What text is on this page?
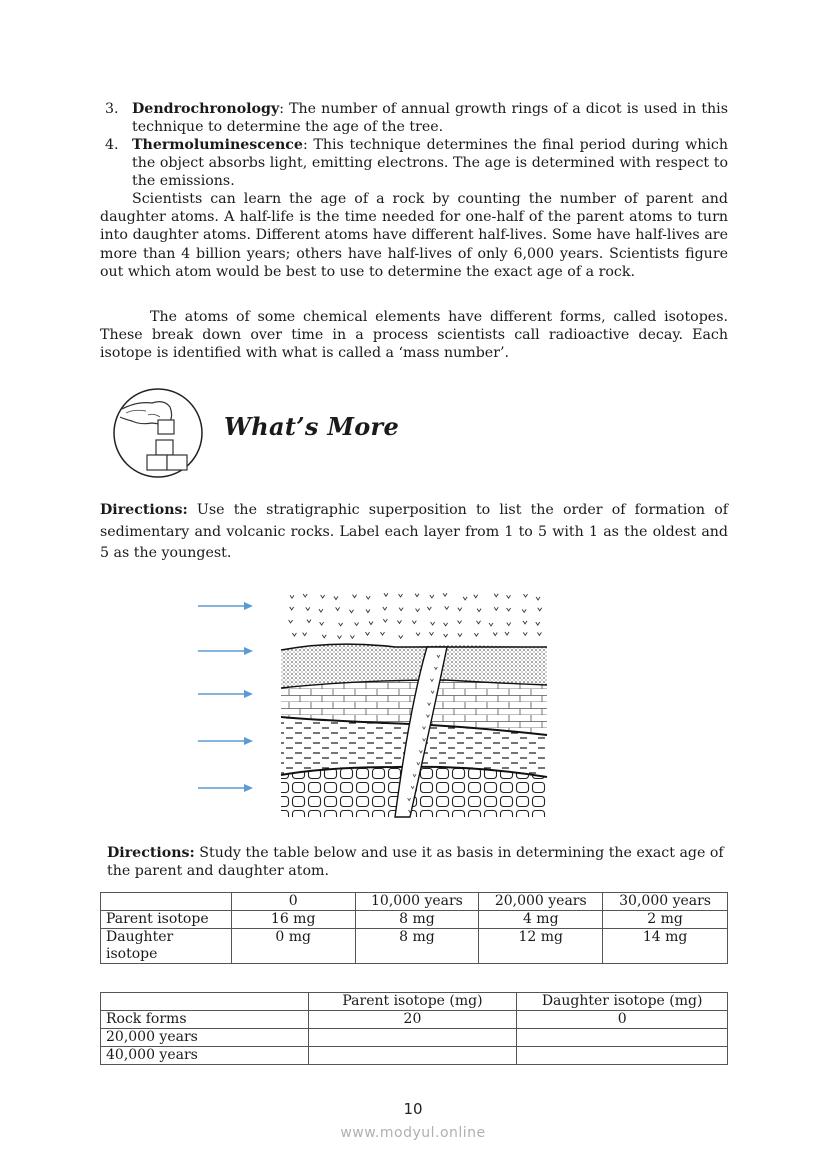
3. Dendrochronology: The number of annual growth rings of a dicot is used in this technique to determine the age of the tree.
4. Thermoluminescence: This technique determines the final period during which the object absorbs light, emitting electrons. The age is determined with respect to the emissions.
Scientists can learn the age of a rock by counting the number of parent and daughter atoms. A half-life is the time needed for one-half of the parent atoms to turn into daughter atoms. Different atoms have different half-lives. Some have half-lives are more than 4 billion years; others have half-lives of only 6,000 years. Scientists figure out which atom would be best to use to determine the exact age of a rock.
The atoms of some chemical elements have different forms, called isotopes. These break down over time in a process scientists call radioactive decay. Each isotope is identified with what is called a ‘mass number’.
What’s More
Directions: Use the stratigraphic superposition to list the order of formation of sedimentary and volcanic rocks. Label each layer from 1 to 5 with 1 as the oldest and 5 as the youngest.
Directions: Study the table below and use it as basis in determining the exact age of the parent and daughter atom.
	0	10,000 years	20,000 years	30,000 years
Parent isotope	16 mg	8 mg	4 mg	2 mg
Daughter isotope	0 mg	8 mg	12 mg	14 mg
	Parent isotope (mg)	Daughter isotope (mg)
Rock forms	20	0
20,000 years		
40,000 years		
10
www.modyul.online
